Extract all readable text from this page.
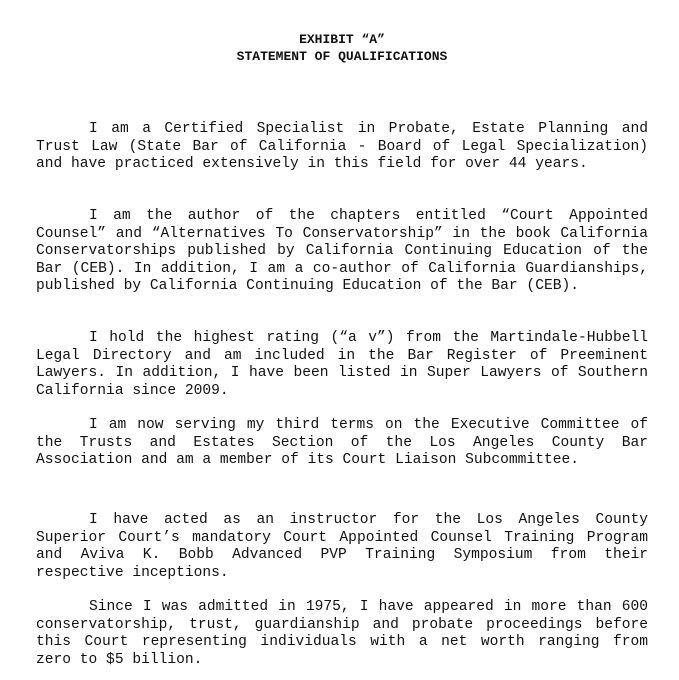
EXHIBIT “A”
STATEMENT OF QUALIFICATIONS

I am a Certified Specialist in Probate, Estate Planning and Trust Law (State Bar of California - Board of Legal Specialization) and have practiced extensively in this field for over 44 years.

I am the author of the chapters entitled “Court Appointed Counsel” and “Alternatives To Conservatorship” in the book California Conservatorships published by California Continuing Education of the Bar (CEB). In addition, I am a co-author of California Guardianships, published by California Continuing Education of the Bar (CEB).

I hold the highest rating (“a v”) from the Martindale-Hubbell Legal Directory and am included in the Bar Register of Preeminent Lawyers. In addition, I have been listed in Super Lawyers of Southern California since 2009.

I am now serving my third terms on the Executive Committee of the Trusts and Estates Section of the Los Angeles County Bar Association and am a member of its Court Liaison Subcommittee.

I have acted as an instructor for the Los Angeles County Superior Court’s mandatory Court Appointed Counsel Training Program and Aviva K. Bobb Advanced PVP Training Symposium from their respective inceptions.

Since I was admitted in 1975, I have appeared in more than 600 conservatorship, trust, guardianship and probate proceedings before this Court representing individuals with a net worth ranging from zero to $5 billion.
